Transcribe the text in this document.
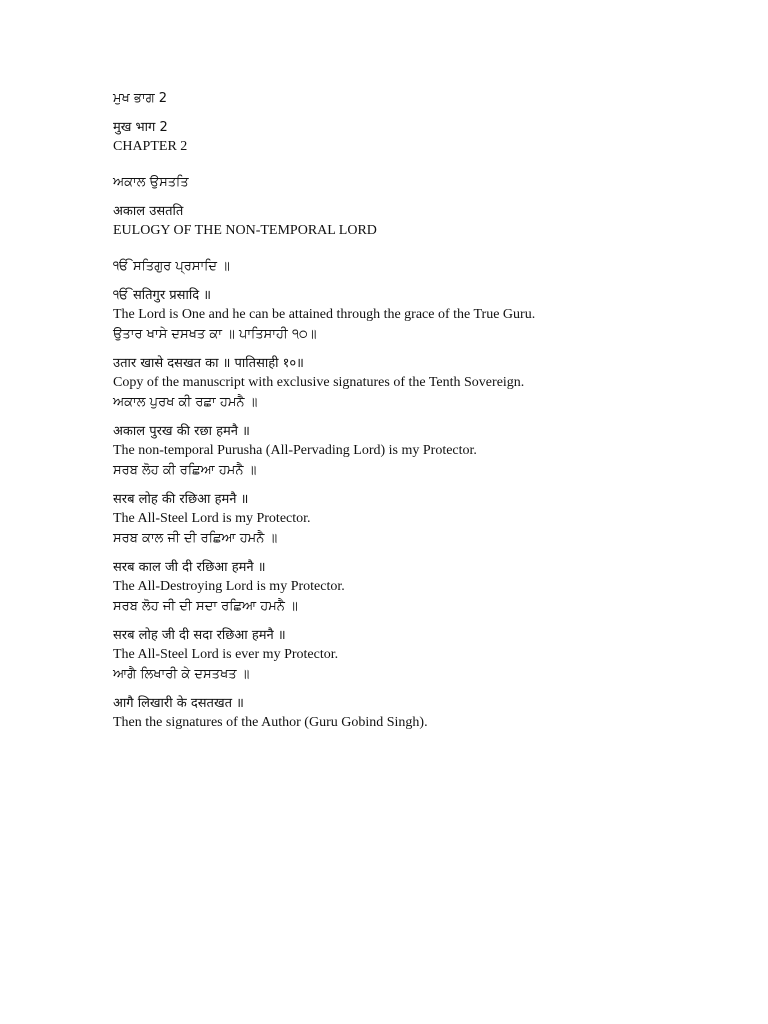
ਮੁਖ ਭਾਗ 2
मुख भाग 2
CHAPTER 2
ਅਕਾਲ ਉਸਤਤਿ
अकाल उसतति
EULOGY OF THE NON-TEMPORAL LORD
ੴ ਸਤਿਗੁਰ ਪ੍ਰਸਾਦਿ ॥
ੴ सतिगुर प्रसादि ॥
The Lord is One and he can be attained through the grace of the True Guru.
ਉਤਾਰ ਖਾਸੇ ਦਸਖਤ ਕਾ ॥ ਪਾਤਿਸਾਹੀ ੧੦॥
उतार खासे दसखत का ॥ पातिसाही १०॥
Copy of the manuscript with exclusive signatures of the Tenth Sovereign.
ਅਕਾਲ ਪੁਰਖ ਕੀ ਰਛਾ ਹਮਨੈ ॥
अकाल पुरख की रछा हमनै ॥
The non-temporal Purusha (All-Pervading Lord) is my Protector.
ਸਰਬ ਲੋਹ ਕੀ ਰਛਿਆ ਹਮਨੈ ॥
सरब लोह की रछिआ हमनै ॥
The All-Steel Lord is my Protector.
ਸਰਬ ਕਾਲ ਜੀ ਦੀ ਰਛਿਆ ਹਮਨੈ ॥
सरब काल जी दी रछिआ हमनै ॥
The All-Destroying Lord is my Protector.
ਸਰਬ ਲੋਹ ਜੀ ਦੀ ਸਦਾ ਰਛਿਆ ਹਮਨੈ ॥
सरब लोह जी दी सदा रछिआ हमनै ॥
The All-Steel Lord is ever my Protector.
ਆਗੈ ਲਿਖਾਰੀ ਕੇ ਦਸਤਖਤ ॥
आगै लिखारी के दसतखत ॥
Then the signatures of the Author (Guru Gobind Singh).
